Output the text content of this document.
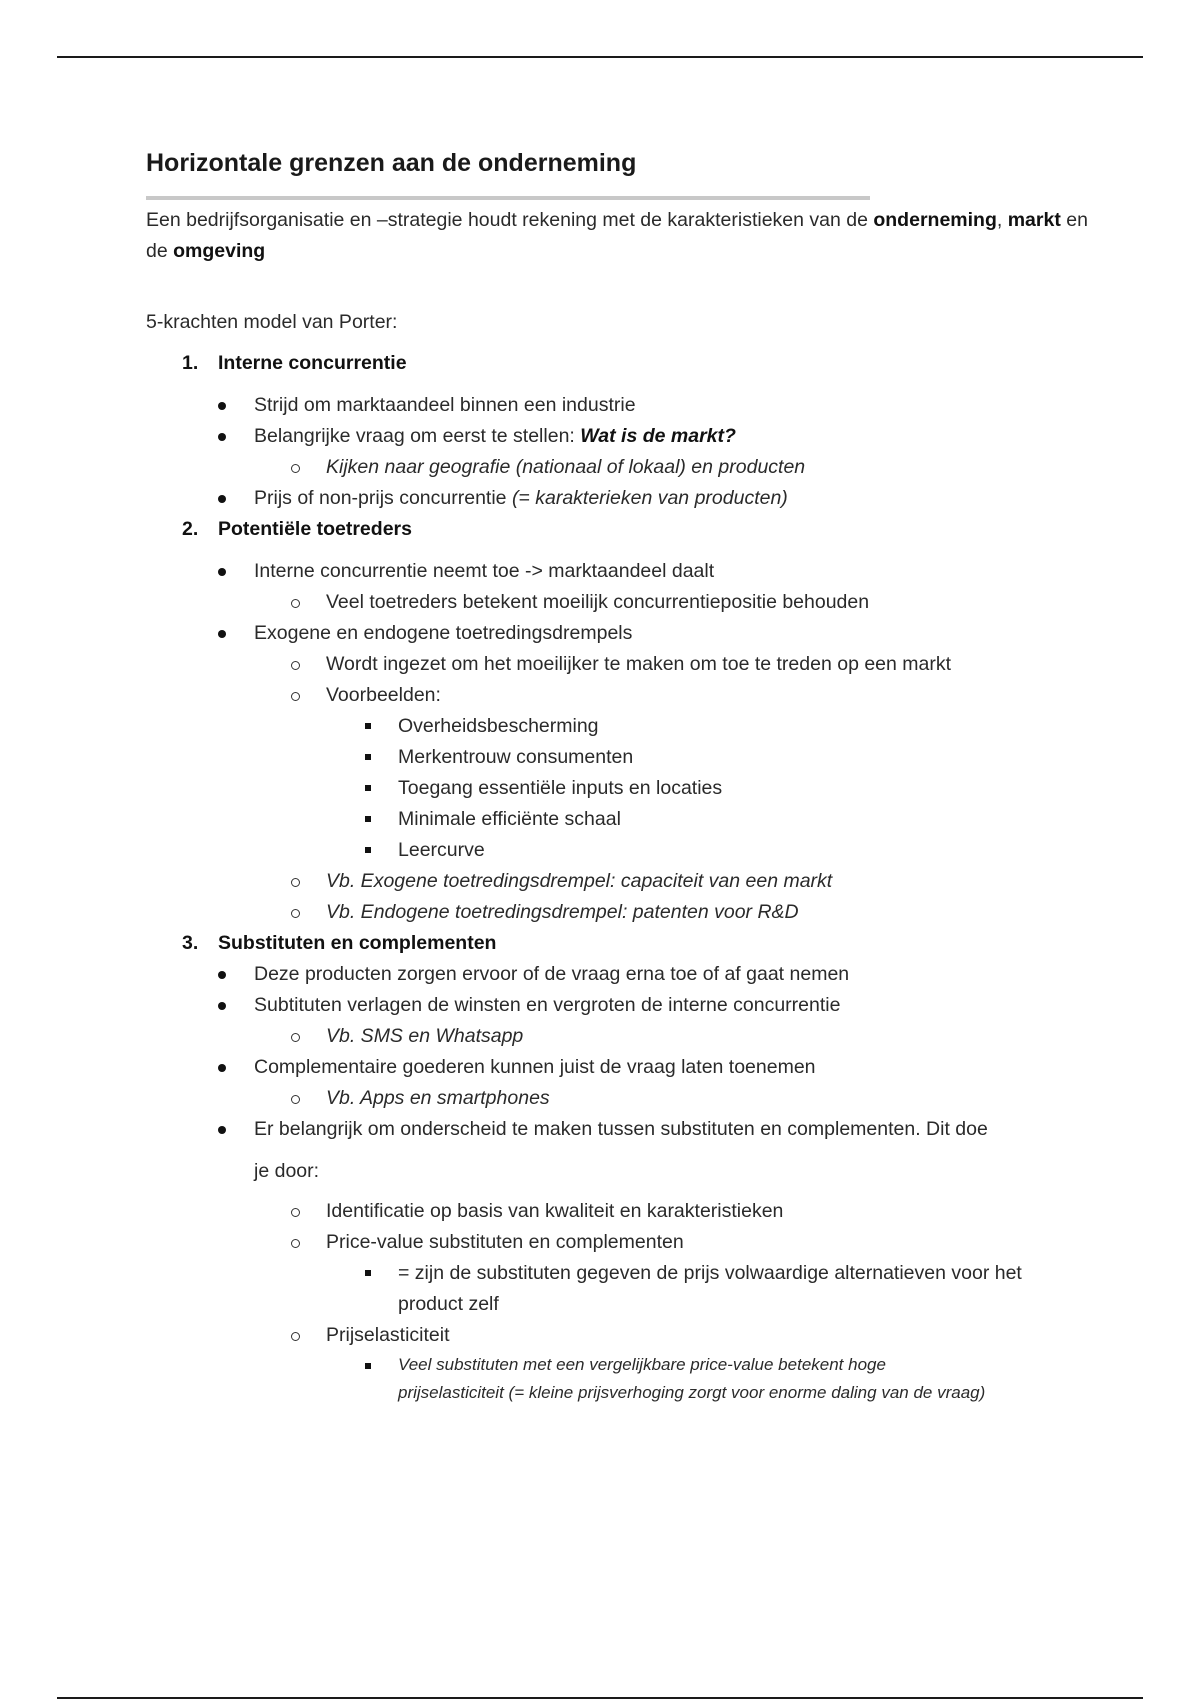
Horizontale grenzen aan de onderneming
Een bedrijfsorganisatie en –strategie houdt rekening met de karakteristieken van de onderneming, markt en de omgeving
5-krachten model van Porter:
1. Interne concurrentie
Strijd om marktaandeel binnen een industrie
Belangrijke vraag om eerst te stellen: Wat is de markt?
Kijken naar geografie (nationaal of lokaal) en producten
Prijs of non-prijs concurrentie (= karakterieken van producten)
2. Potentiële toetreders
Interne concurrentie neemt toe -> marktaandeel daalt
Veel toetreders betekent moeilijk concurrentiepositie behouden
Exogene en endogene toetredingsdrempels
Wordt ingezet om het moeilijker te maken om toe te treden op een markt
Voorbeelden:
Overheidsbescherming
Merkentrouw consumenten
Toegang essentiële inputs en locaties
Minimale efficiënte schaal
Leercurve
Vb. Exogene toetredingsdrempel: capaciteit van een markt
Vb. Endogene toetredingsdrempel: patenten voor R&D
3. Substituten en complementen
Deze producten zorgen ervoor of de vraag erna toe of af gaat nemen
Subtituten verlagen de winsten en vergroten de interne concurrentie
Vb. SMS en Whatsapp
Complementaire goederen kunnen juist de vraag laten toenemen
Vb. Apps en smartphones
Er belangrijk om onderscheid te maken tussen substituten en complementen. Dit doe
je door:
Identificatie op basis van kwaliteit en karakteristieken
Price-value substituten en complementen
= zijn de substituten gegeven de prijs volwaardige alternatieven voor het
product zelf
Prijselasticiteit
Veel substituten met een vergelijkbare price-value betekent hoge
prijselasticiteit (= kleine prijsverhoging zorgt voor enorme daling van de vraag)
